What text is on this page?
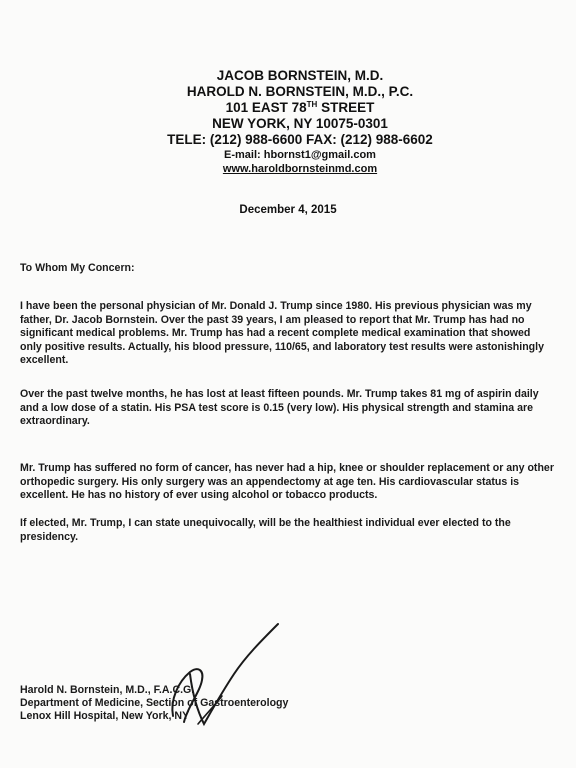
JACOB BORNSTEIN, M.D.
HAROLD N. BORNSTEIN, M.D., P.C.
101 EAST 78TH STREET
NEW YORK, NY 10075-0301
TELE: (212) 988-6600 FAX: (212) 988-6602
E-mail: hbornst1@gmail.com
www.haroldbornsteinmd.com
December 4, 2015
To Whom My Concern:
I have been the personal physician of Mr. Donald J. Trump since 1980. His previous physician was my father, Dr. Jacob Bornstein. Over the past 39 years, I am pleased to report that Mr. Trump has had no significant medical problems. Mr. Trump has had a recent complete medical examination that showed only positive results. Actually, his blood pressure, 110/65, and laboratory test results were astonishingly excellent.
Over the past twelve months, he has lost at least fifteen pounds. Mr. Trump takes 81 mg of aspirin daily and a low dose of a statin. His PSA test score is 0.15 (very low). His physical strength and stamina are extraordinary.
Mr. Trump has suffered no form of cancer, has never had a hip, knee or shoulder replacement or any other orthopedic surgery. His only surgery was an appendectomy at age ten. His cardiovascular status is excellent. He has no history of ever using alcohol or tobacco products.
If elected, Mr. Trump, I can state unequivocally, will be the healthiest individual ever elected to the presidency.
Harold N. Bornstein, M.D., F.A.C.G.
Department of Medicine, Section of Gastroenterology
Lenox Hill Hospital, New York, NY
